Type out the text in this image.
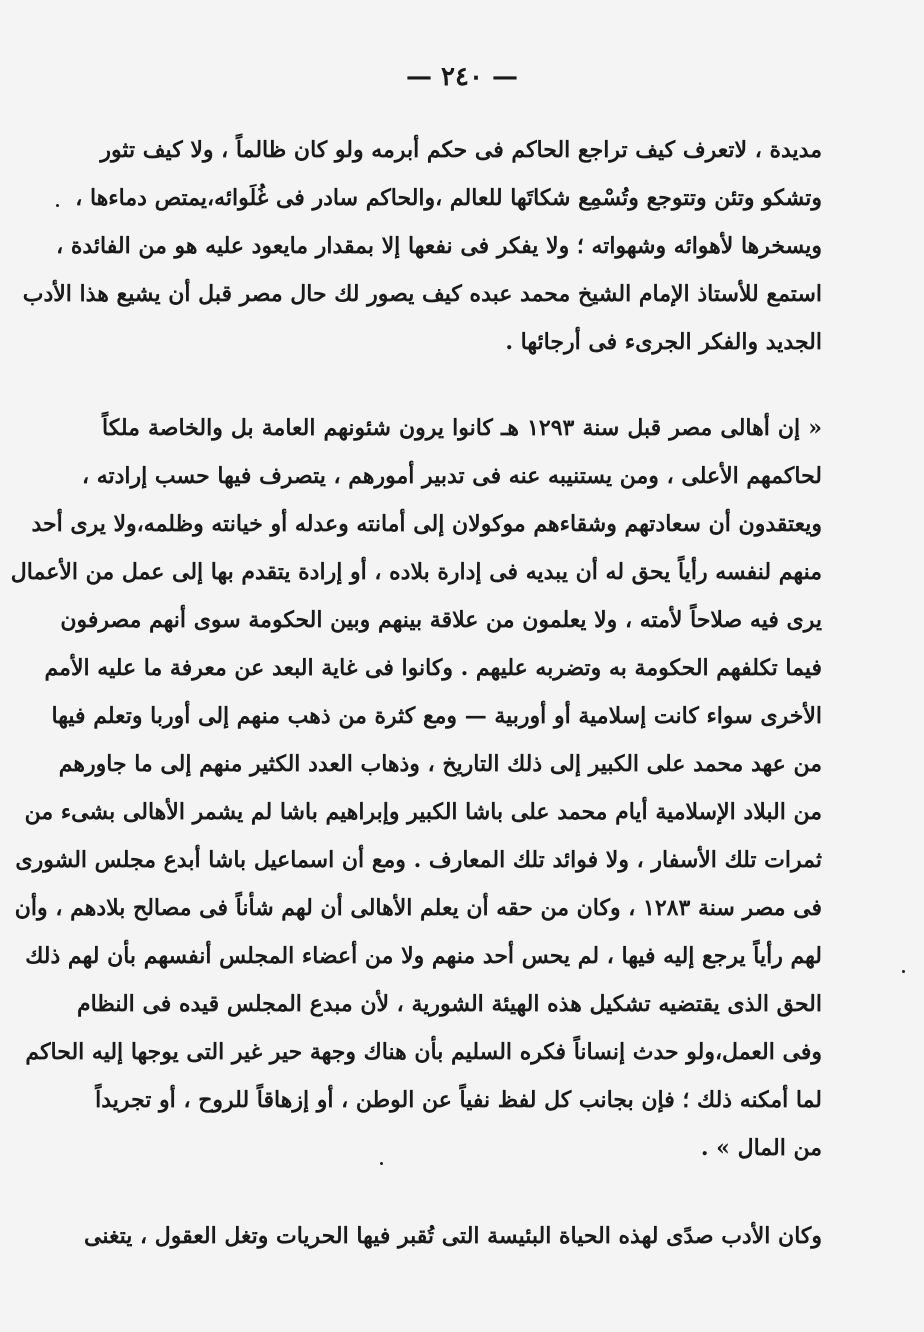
— ٢٤٠ —
مديدة ، لاتعرف كيف تراجع الحاكم فى حكم أبرمه ولو كان ظالماً ، ولا كيف تثور
وتشكو وتئن وتتوجع وتُسْمِع شكاتَها للعالم ،والحاكم سادر فى غُلَوائه،يمتص دماءها ،
ويسخرها لأهوائه وشهواته ؛ ولا يفكر فى نفعها إلا بمقدار مايعود عليه هو من الفائدة ،
استمع للأستاذ الإمام الشيخ محمد عبده كيف يصور لك حال مصر قبل أن يشيع هذا الأدب
الجديد والفكر الجرىء فى أرجائها .
« إن أهالى مصر قبل سنة ١٢٩٣ هـ كانوا يرون شئونهم العامة بل والخاصة ملكاً
لحاكمهم الأعلى ، ومن يستنيبه عنه فى تدبير أمورهم ، يتصرف فيها حسب إرادته ،
ويعتقدون أن سعادتهم وشقاءهم موكولان إلى أمانته وعدله أو خيانته وظلمه،ولا يرى أحد
منهم لنفسه رأياً يحق له أن يبديه فى إدارة بلاده ، أو إرادة يتقدم بها إلى عمل من الأعمال
يرى فيه صلاحاً لأمته ، ولا يعلمون من علاقة بينهم وبين الحكومة سوى أنهم مصرفون
فيما تكلفهم الحكومة به وتضربه عليهم . وكانوا فى غاية البعد عن معرفة ما عليه الأمم
الأخرى سواء كانت إسلامية أو أوربية — ومع كثرة من ذهب منهم إلى أوربا وتعلم فيها
من عهد محمد على الكبير إلى ذلك التاريخ ، وذهاب العدد الكثير منهم إلى ما جاورهم
من البلاد الإسلامية أيام محمد على باشا الكبير وإبراهيم باشا لم يشمر الأهالى بشىء من
ثمرات تلك الأسفار ، ولا فوائد تلك المعارف . ومع أن اسماعيل باشا أبدع مجلس الشورى
فى مصر سنة ١٢٨٣ ، وكان من حقه أن يعلم الأهالى أن لهم شأناً فى مصالح بلادهم ، وأن
لهم رأياً يرجع إليه فيها ، لم يحس أحد منهم ولا من أعضاء المجلس أنفسهم بأن لهم ذلك
الحق الذى يقتضيه تشكيل هذه الهيئة الشورية ، لأن مبدع المجلس قيده فى النظام
وفى العمل،ولو حدث إنساناً فكره السليم بأن هناك وجهة حير غير التى يوجها إليه الحاكم
لما أمكنه ذلك ؛ فإن بجانب كل لفظ نفياً عن الوطن ، أو إزهاقاً للروح ، أو تجريداً
من المال » .
وكان الأدب صدًى لهذه الحياة البئيسة التى تُقبر فيها الحريات وتغل العقول ، يتغنى
